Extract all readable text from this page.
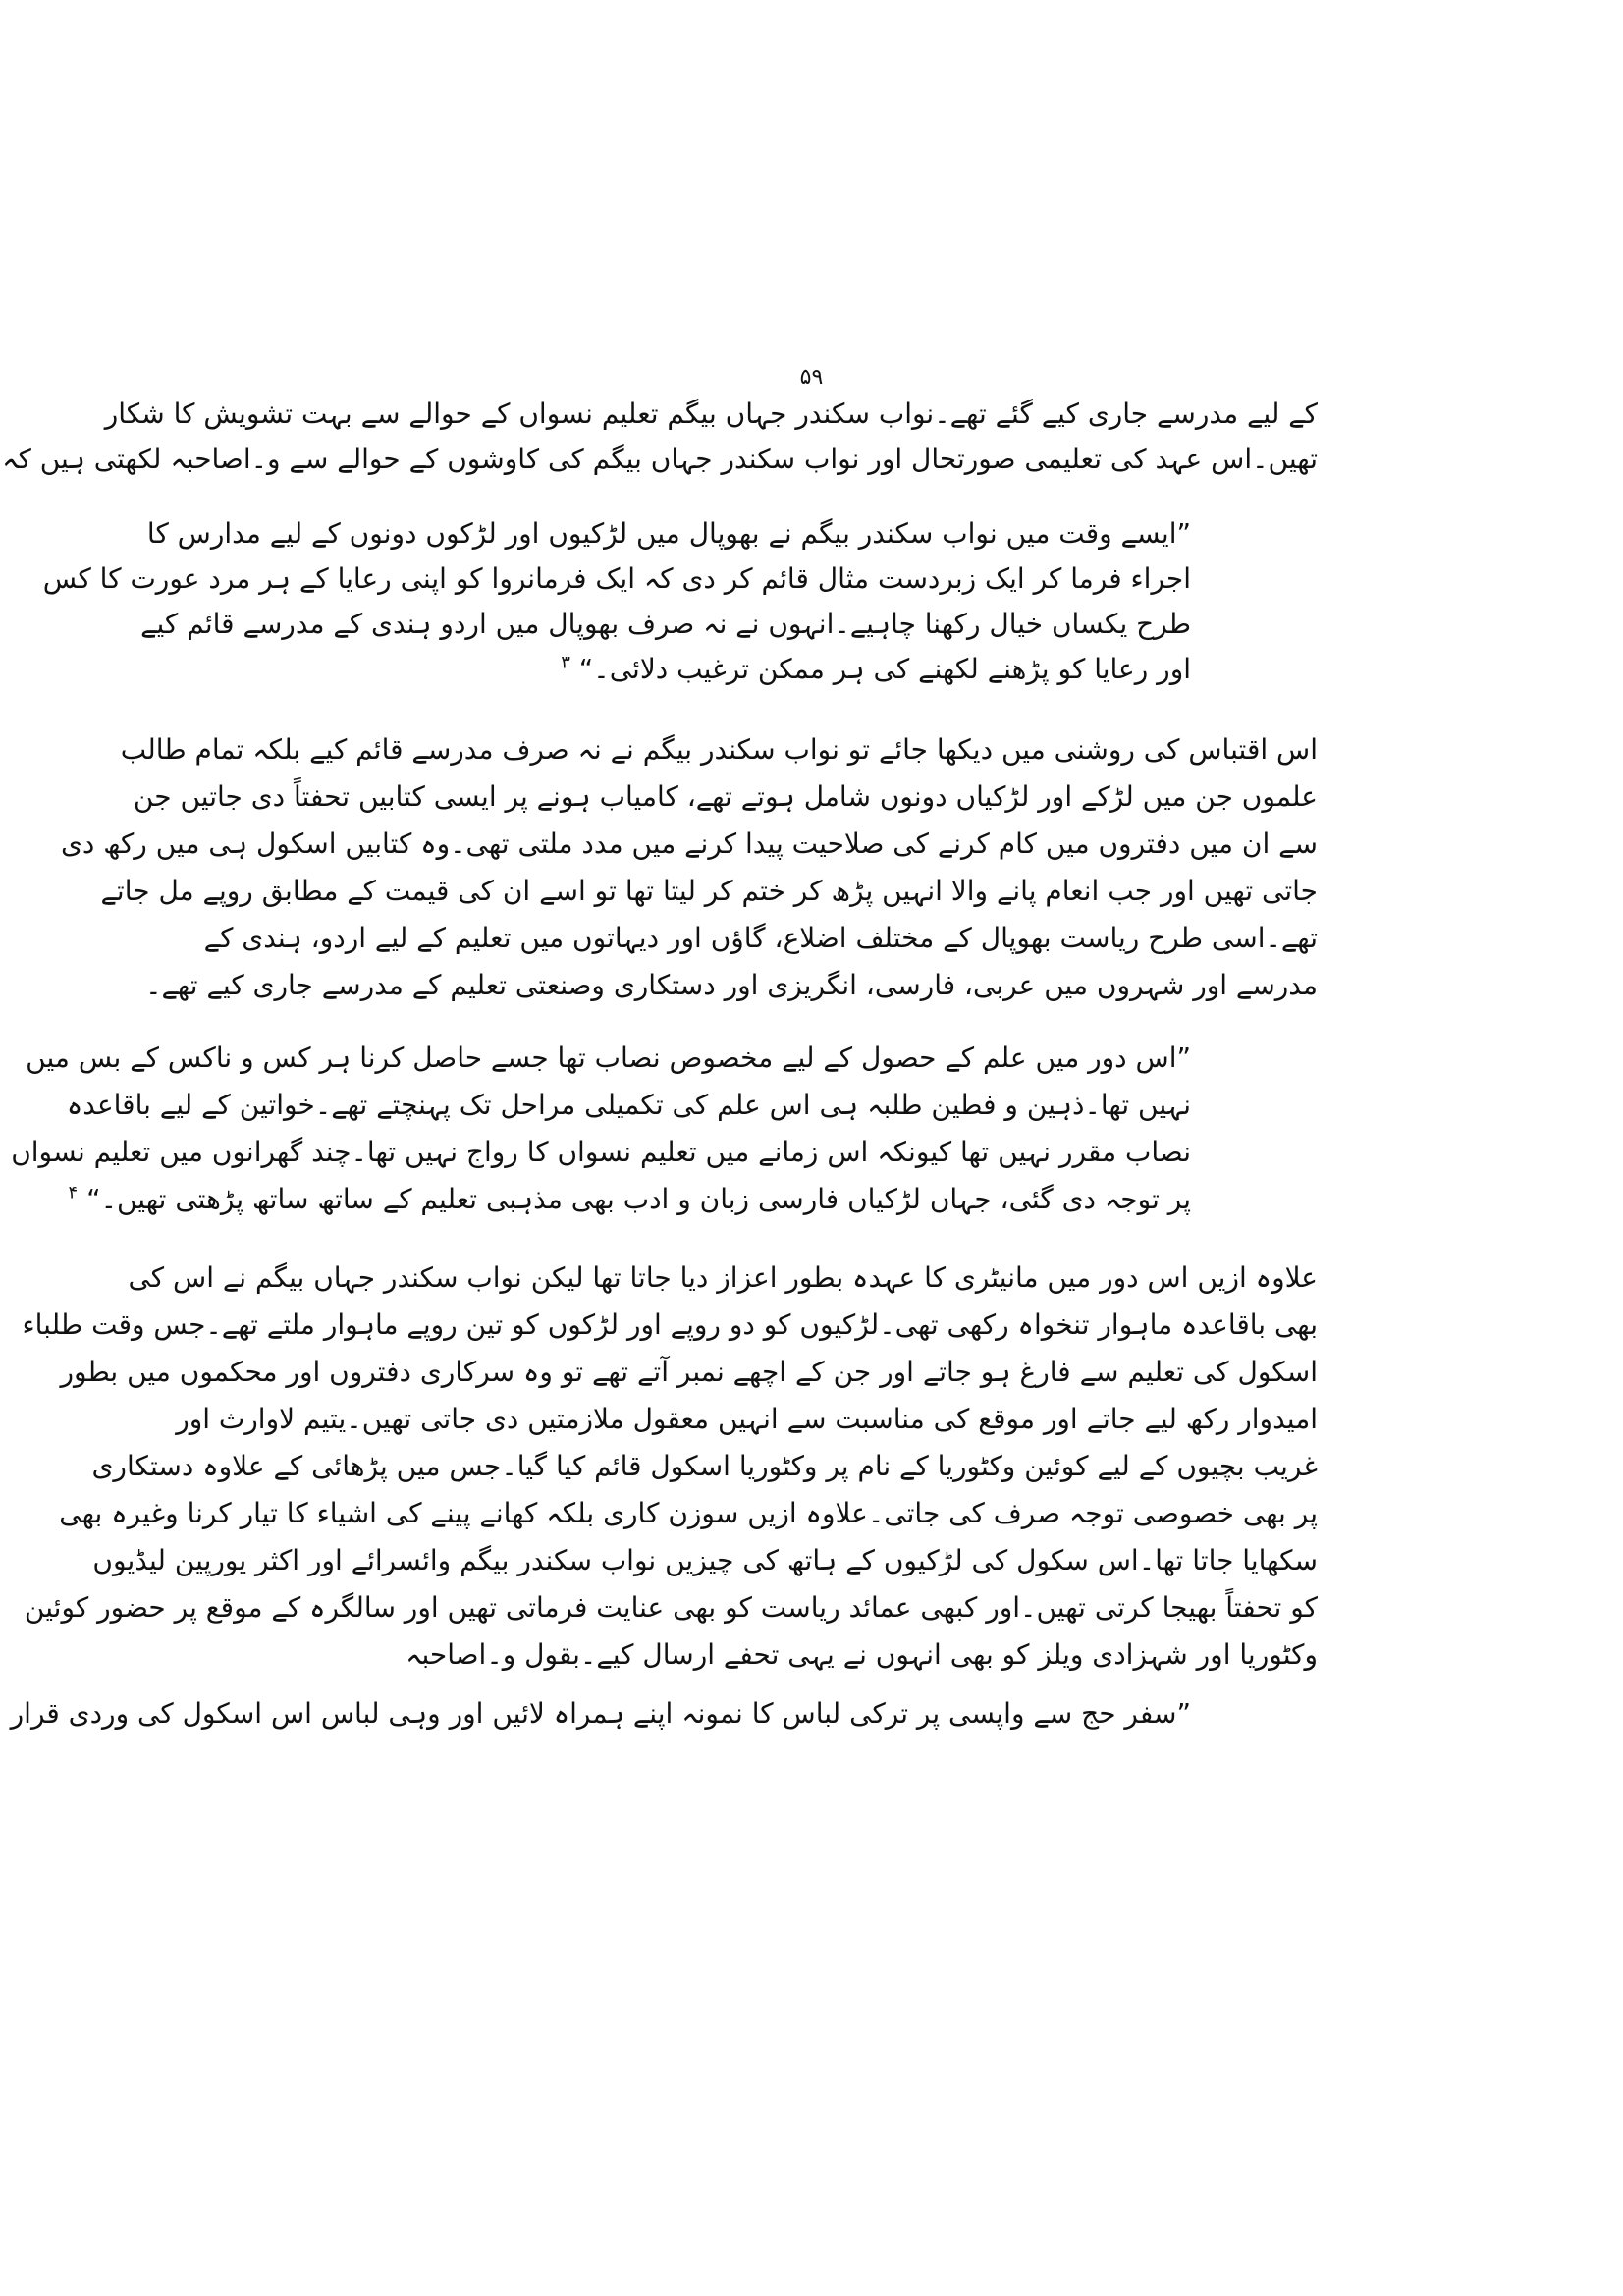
۵۹
کے لیے مدرسے جاری کیے گئے تھے۔نواب سکندر جہاں بیگم تعلیم نسواں کے حوالے سے بہت تشویش کا شکار
تھیں۔اس عہد کی تعلیمی صورتحال اور نواب سکندر جہاں بیگم کی کاوشوں کے حوالے سے و۔اصاحبہ لکھتی ہیں کہ
”ایسے وقت میں نواب سکندر بیگم نے بھوپال میں لڑکیوں اور لڑکوں دونوں کے لیے مدارس کا
اجراء فرما کر ایک زبردست مثال قائم کر دی کہ ایک فرمانروا کو اپنی رعایا کے ہر مرد عورت کا کس
طرح یکساں خیال رکھنا چاہیے۔انہوں نے نہ صرف بھوپال میں اردو ہندی کے مدرسے قائم کیے
اور رعایا کو پڑھنے لکھنے کی ہر ممکن ترغیب دلائی۔“ $^۳$
اس اقتباس کی روشنی میں دیکھا جائے تو نواب سکندر بیگم نے نہ صرف مدرسے قائم کیے بلکہ تمام طالب
علموں جن میں لڑکے اور لڑکیاں دونوں شامل ہوتے تھے، کامیاب ہونے پر ایسی کتابیں تحفتاً دی جاتیں جن
سے ان میں دفتروں میں کام کرنے کی صلاحیت پیدا کرنے میں مدد ملتی تھی۔وہ کتابیں اسکول ہی میں رکھ دی
جاتی تھیں اور جب انعام پانے والا انہیں پڑھ کر ختم کر لیتا تھا تو اسے ان کی قیمت کے مطابق روپے مل جاتے
تھے۔اسی طرح ریاست بھوپال کے مختلف اضلاع، گاؤں اور دیہاتوں میں تعلیم کے لیے اردو، ہندی کے
مدرسے اور شہروں میں عربی، فارسی، انگریزی اور دستکاری وصنعتی تعلیم کے مدرسے جاری کیے تھے۔
”اس دور میں علم کے حصول کے لیے مخصوص نصاب تھا جسے حاصل کرنا ہر کس و ناکس کے بس میں
نہیں تھا۔ذہین و فطین طلبہ ہی اس علم کی تکمیلی مراحل تک پہنچتے تھے۔خواتین کے لیے باقاعدہ
نصاب مقرر نہیں تھا کیونکہ اس زمانے میں تعلیم نسواں کا رواج نہیں تھا۔چند گھرانوں میں تعلیم نسواں
پر توجہ دی گئی، جہاں لڑکیاں فارسی زبان و ادب بھی مذہبی تعلیم کے ساتھ ساتھ پڑھتی تھیں۔“ $^۴$
علاوہ ازیں اس دور میں مانیٹری کا عہدہ بطور اعزاز دیا جاتا تھا لیکن نواب سکندر جہاں بیگم نے اس کی
بھی باقاعدہ ماہوار تنخواہ رکھی تھی۔لڑکیوں کو دو روپے اور لڑکوں کو تین روپے ماہوار ملتے تھے۔جس وقت طلباء
اسکول کی تعلیم سے فارغ ہو جاتے اور جن کے اچھے نمبر آتے تھے تو وہ سرکاری دفتروں اور محکموں میں بطور
امیدوار رکھ لیے جاتے اور موقع کی مناسبت سے انہیں معقول ملازمتیں دی جاتی تھیں۔یتیم لاوارث اور
غریب بچیوں کے لیے کوئین وکٹوریا کے نام پر وکٹوریا اسکول قائم کیا گیا۔جس میں پڑھائی کے علاوہ دستکاری
پر بھی خصوصی توجہ صرف کی جاتی۔علاوہ ازیں سوزن کاری بلکہ کھانے پینے کی اشیاء کا تیار کرنا وغیرہ بھی
سکھایا جاتا تھا۔اس سکول کی لڑکیوں کے ہاتھ کی چیزیں نواب سکندر بیگم وائسرائے اور اکثر یورپین لیڈیوں
کو تحفتاً بھیجا کرتی تھیں۔اور کبھی عمائد ریاست کو بھی عنایت فرماتی تھیں اور سالگرہ کے موقع پر حضور کوئین
وکٹوریا اور شہزادی ویلز کو بھی انہوں نے یہی تحفے ارسال کیے۔بقول و۔اصاحبہ
”سفر حج سے واپسی پر ترکی لباس کا نمونہ اپنے ہمراہ لائیں اور وہی لباس اس اسکول کی وردی قرار
